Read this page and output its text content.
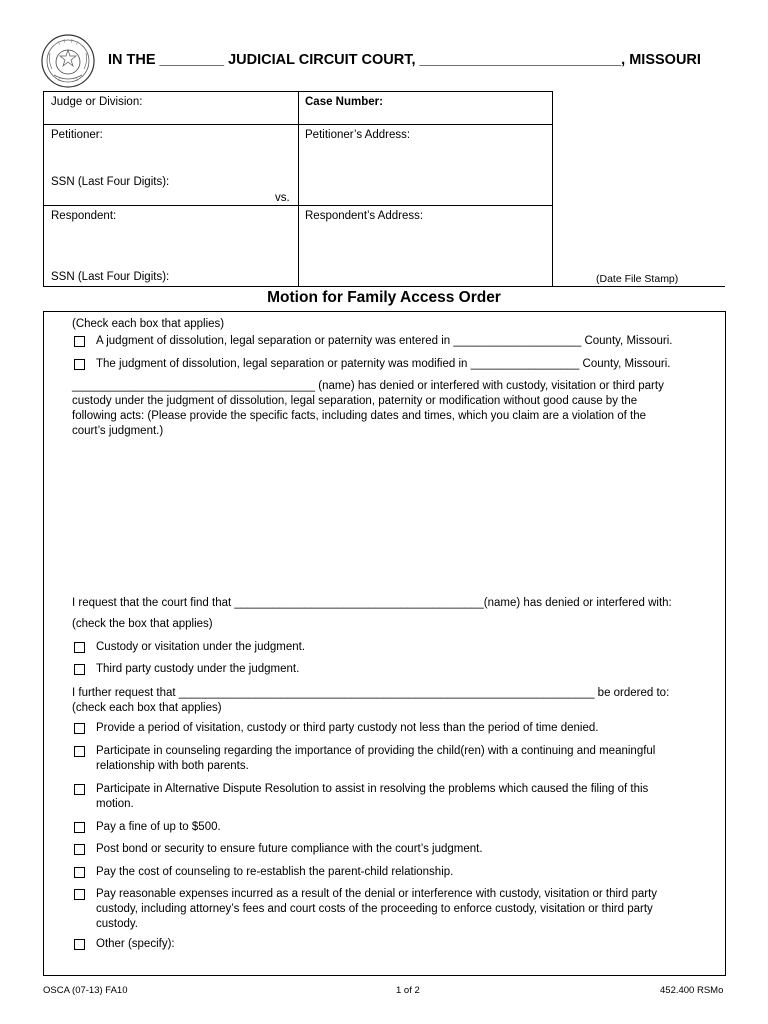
IN THE ________ JUDICIAL CIRCUIT COURT, _________________________, MISSOURI
Judge or Division:	Case Number:
Petitioner:	Petitioner’s Address:
SSN (Last Four Digits):
vs.
Respondent:	Respondent’s Address:
SSN (Last Four Digits):	(Date File Stamp)
Motion for Family Access Order
(Check each box that applies)
A judgment of dissolution, legal separation or paternity was entered in ____________________ County, Missouri.
The judgment of dissolution, legal separation or paternity was modified in _________________ County, Missouri.
______________________________________ (name) has denied or interfered with custody, visitation or third party
custody under the judgment of dissolution, legal separation, paternity or modification without good cause by the
following acts: (Please provide the specific facts, including dates and times, which you claim are a violation of the
court’s judgment.)
I request that the court find that _______________________________________(name) has denied or interfered with:
(check the box that applies)
Custody or visitation under the judgment.
Third party custody under the judgment.
I further request that _________________________________________________________________ be ordered to:
(check each box that applies)
Provide a period of visitation, custody or third party custody not less than the period of time denied.
Participate in counseling regarding the importance of providing the child(ren) with a continuing and meaningful
relationship with both parents.
Participate in Alternative Dispute Resolution to assist in resolving the problems which caused the filing of this
motion.
Pay a fine of up to $500.
Post bond or security to ensure future compliance with the court’s judgment.
Pay the cost of counseling to re-establish the parent-child relationship.
Pay reasonable expenses incurred as a result of the denial or interference with custody, visitation or third party
custody, including attorney’s fees and court costs of the proceeding to enforce custody, visitation or third party
custody.
Other (specify):
OSCA (07-13) FA10	1 of 2	452.400 RSMo
